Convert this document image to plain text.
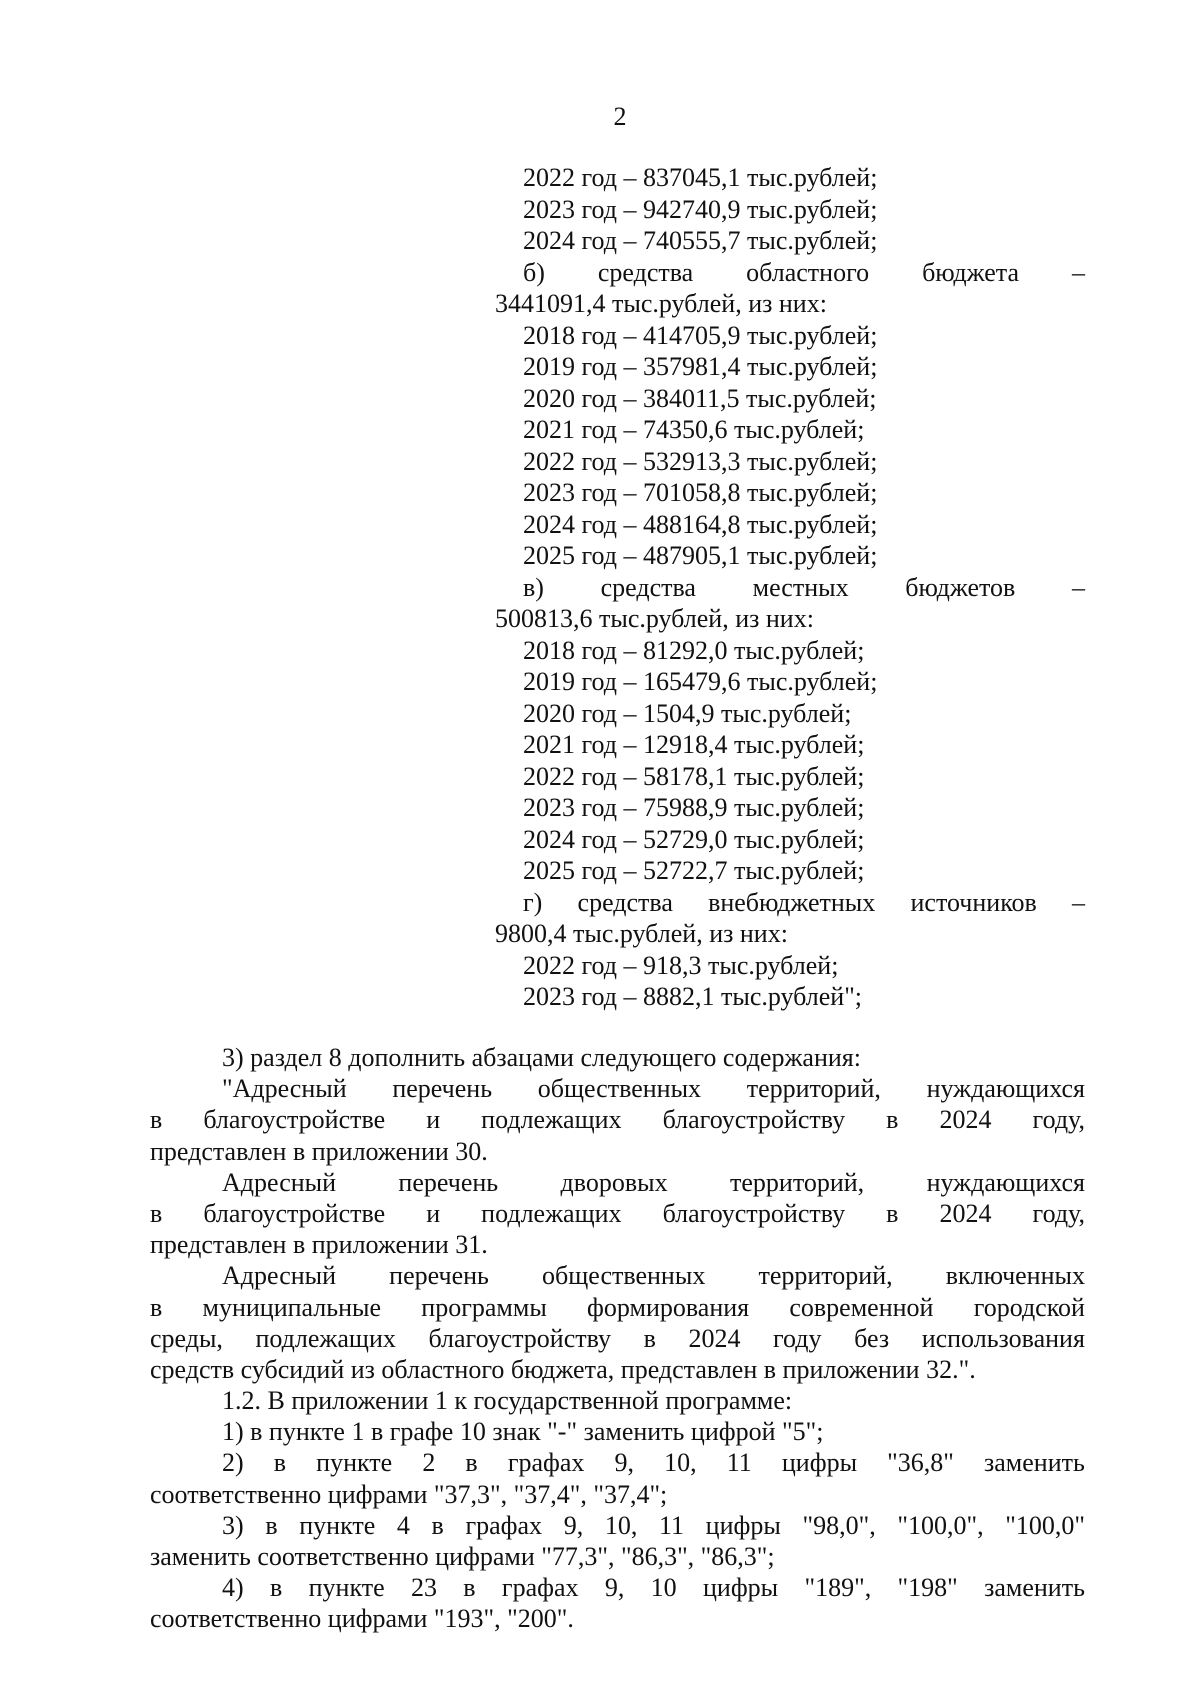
2
2022 год – 837045,1 тыс.рублей;
2023 год – 942740,9 тыс.рублей;
2024 год – 740555,7 тыс.рублей;
б) средства областного бюджета –
3441091,4 тыс.рублей, из них:
2018 год – 414705,9 тыс.рублей;
2019 год – 357981,4 тыс.рублей;
2020 год – 384011,5 тыс.рублей;
2021 год – 74350,6 тыс.рублей;
2022 год – 532913,3 тыс.рублей;
2023 год – 701058,8 тыс.рублей;
2024 год – 488164,8 тыс.рублей;
2025 год – 487905,1 тыс.рублей;
в) средства местных бюджетов –
500813,6 тыс.рублей, из них:
2018 год – 81292,0 тыс.рублей;
2019 год – 165479,6 тыс.рублей;
2020 год – 1504,9 тыс.рублей;
2021 год – 12918,4 тыс.рублей;
2022 год – 58178,1 тыс.рублей;
2023 год – 75988,9 тыс.рублей;
2024 год – 52729,0 тыс.рублей;
2025 год – 52722,7 тыс.рублей;
г) средства внебюджетных источников –
9800,4 тыс.рублей, из них:
2022 год – 918,3 тыс.рублей;
2023 год – 8882,1 тыс.рублей";
3) раздел 8 дополнить абзацами следующего содержания:
"Адресный перечень общественных территорий, нуждающихся
в благоустройстве и подлежащих благоустройству в 2024 году,
представлен в приложении 30.
Адресный перечень дворовых территорий, нуждающихся
в благоустройстве и подлежащих благоустройству в 2024 году,
представлен в приложении 31.
Адресный перечень общественных территорий, включенных
в муниципальные программы формирования современной городской
среды, подлежащих благоустройству в 2024 году без использования
средств субсидий из областного бюджета, представлен в приложении 32.".
1.2. В приложении 1 к государственной программе:
1) в пункте 1 в графе 10 знак "-" заменить цифрой "5";
2) в пункте 2 в графах 9, 10, 11 цифры "36,8" заменить
соответственно цифрами "37,3", "37,4", "37,4";
3) в пункте 4 в графах 9, 10, 11 цифры "98,0", "100,0", "100,0"
заменить соответственно цифрами "77,3", "86,3", "86,3";
4) в пункте 23 в графах 9, 10 цифры "189", "198" заменить
соответственно цифрами "193", "200".
